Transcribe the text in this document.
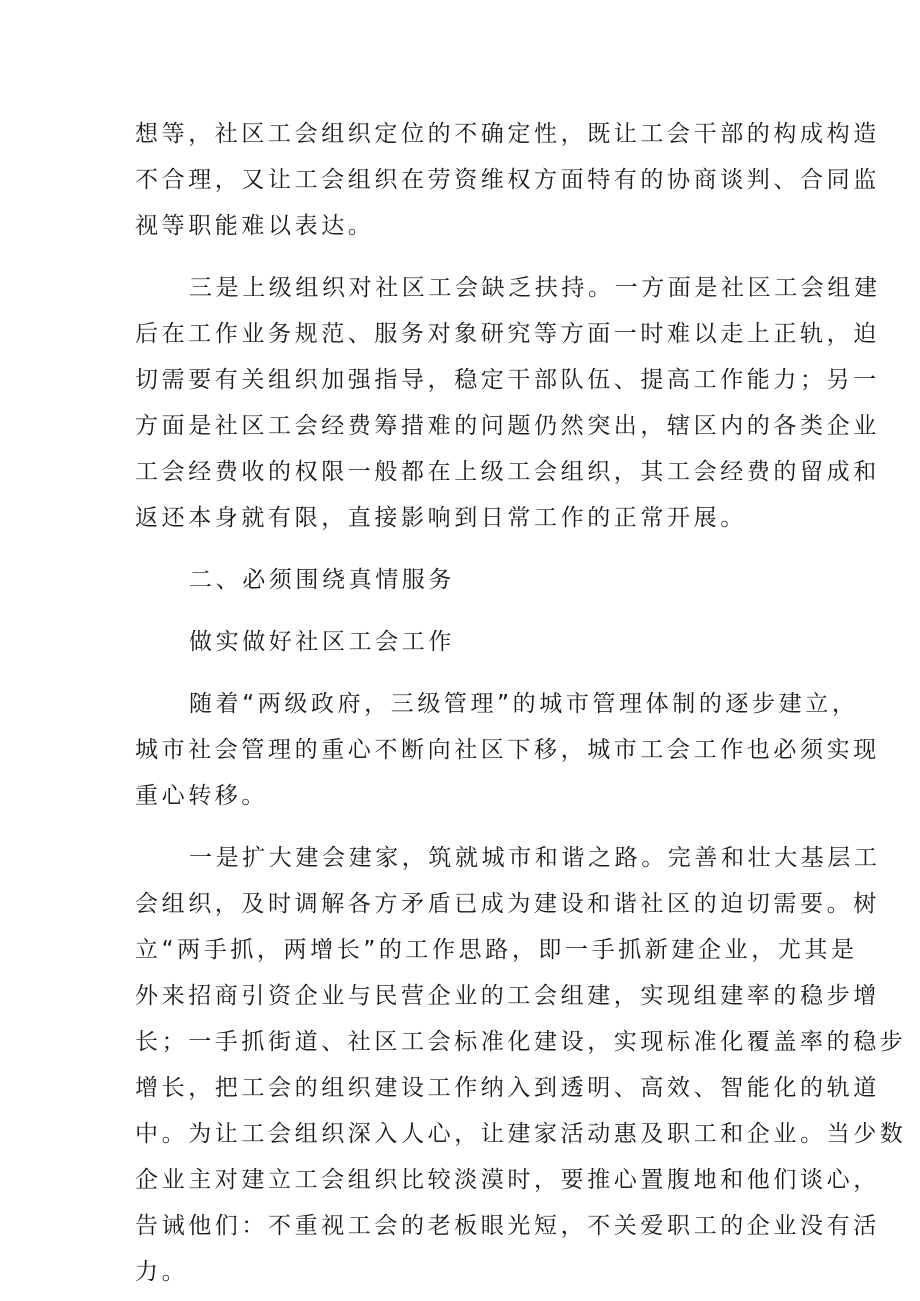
想等，社区工会组织定位的不确定性，既让工会干部的构成构造
不合理，又让工会组织在劳资维权方面特有的协商谈判、合同监
视等职能难以表达。
三是上级组织对社区工会缺乏扶持。一方面是社区工会组建
后在工作业务规范、服务对象研究等方面一时难以走上正轨，迫
切需要有关组织加强指导，稳定干部队伍、提高工作能力；另一
方面是社区工会经费筹措难的问题仍然突出，辖区内的各类企业
工会经费收的权限一般都在上级工会组织，其工会经费的留成和
返还本身就有限，直接影响到日常工作的正常开展。
二、必须围绕真情服务
做实做好社区工会工作
随着“两级政府，三级管理”的城市管理体制的逐步建立，
城市社会管理的重心不断向社区下移，城市工会工作也必须实现
重心转移。
一是扩大建会建家，筑就城市和谐之路。完善和壮大基层工
会组织，及时调解各方矛盾已成为建设和谐社区的迫切需要。树
立“两手抓，两增长”的工作思路，即一手抓新建企业，尤其是
外来招商引资企业与民营企业的工会组建，实现组建率的稳步增
长；一手抓街道、社区工会标准化建设，实现标准化覆盖率的稳步
增长，把工会的组织建设工作纳入到透明、高效、智能化的轨道
中。为让工会组织深入人心，让建家活动惠及职工和企业。当少数
企业主对建立工会组织比较淡漠时，要推心置腹地和他们谈心，
告诫他们：不重视工会的老板眼光短，不关爱职工的企业没有活
力。
